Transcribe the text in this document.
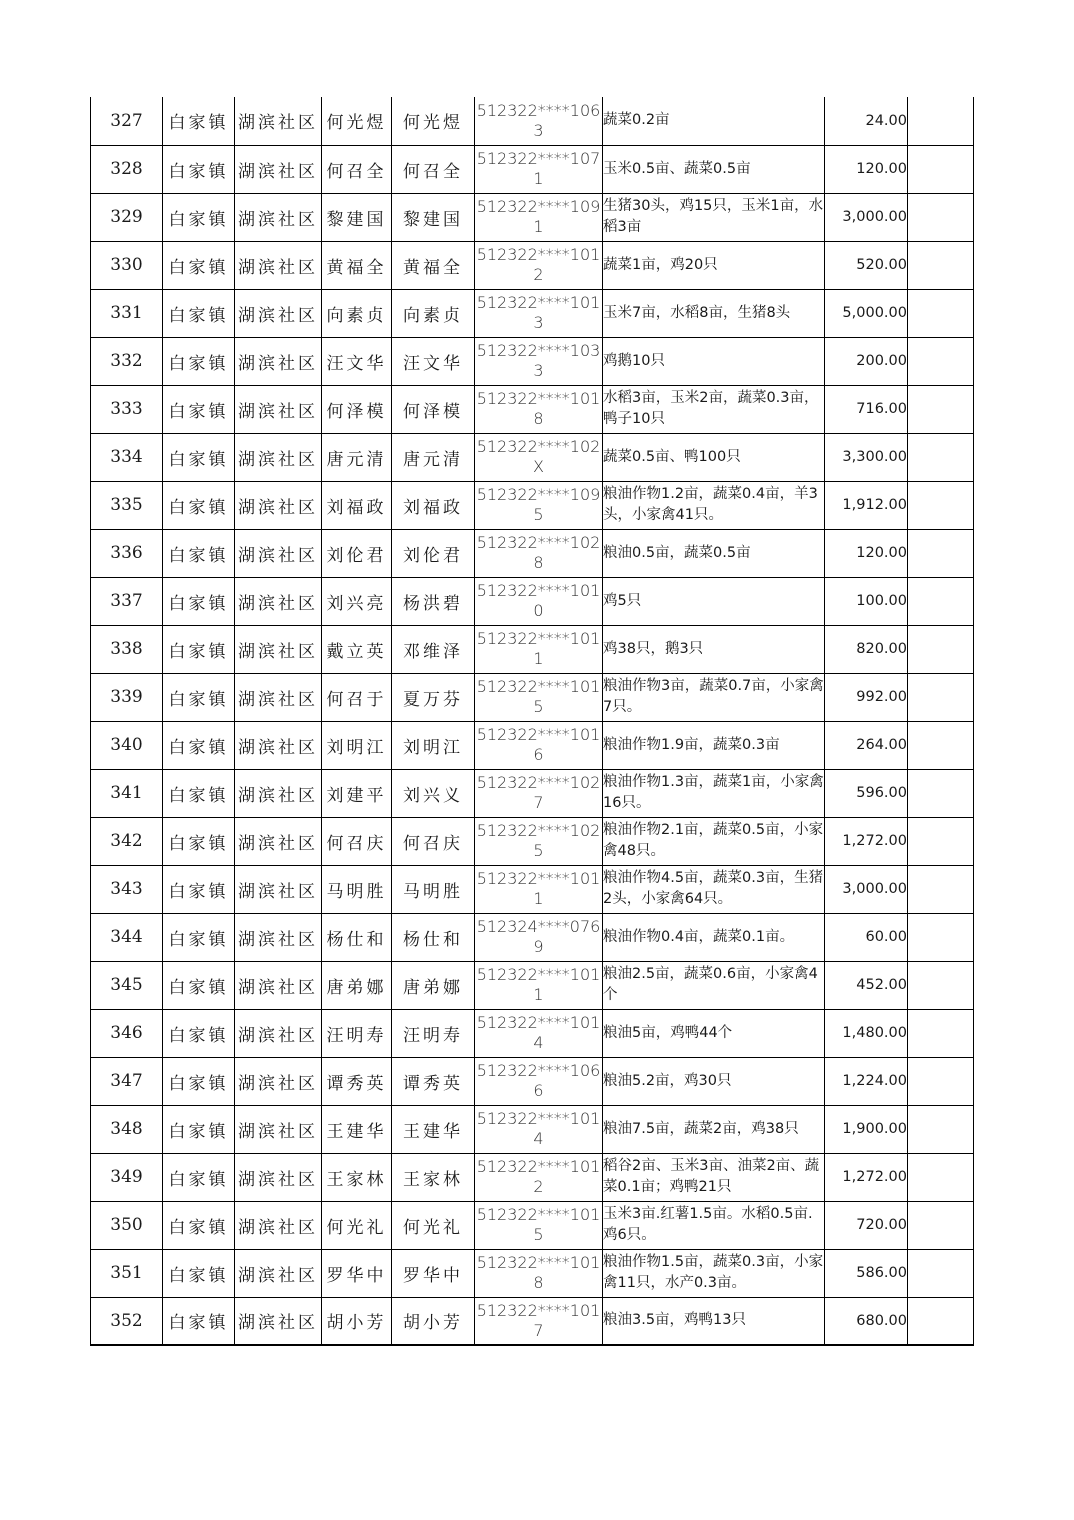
327	白家镇	湖滨社区	何光煜	何光煜	512322****1063	蔬菜0.2亩	24.00	
328	白家镇	湖滨社区	何召全	何召全	512322****1071	玉米0.5亩、蔬菜0.5亩	120.00	
329	白家镇	湖滨社区	黎建国	黎建国	512322****1091	生猪30头，鸡15只，玉米1亩，水稻3亩	3,000.00	
330	白家镇	湖滨社区	黄福全	黄福全	512322****1012	蔬菜1亩，鸡20只	520.00	
331	白家镇	湖滨社区	向素贞	向素贞	512322****1013	玉米7亩，水稻8亩，生猪8头	5,000.00	
332	白家镇	湖滨社区	汪文华	汪文华	512322****1033	鸡鹅10只	200.00	
333	白家镇	湖滨社区	何泽模	何泽模	512322****1018	水稻3亩，玉米2亩，蔬菜0.3亩，鸭子10只	716.00	
334	白家镇	湖滨社区	唐元清	唐元清	512322****102X	蔬菜0.5亩、鸭100只	3,300.00	
335	白家镇	湖滨社区	刘福政	刘福政	512322****1095	粮油作物1.2亩，蔬菜0.4亩，羊3头，小家禽41只。	1,912.00	
336	白家镇	湖滨社区	刘伦君	刘伦君	512322****1028	粮油0.5亩，蔬菜0.5亩	120.00	
337	白家镇	湖滨社区	刘兴亮	杨洪碧	512322****1010	鸡5只	100.00	
338	白家镇	湖滨社区	戴立英	邓维泽	512322****1011	鸡38只，鹅3只	820.00	
339	白家镇	湖滨社区	何召于	夏万芬	512322****1015	粮油作物3亩，蔬菜0.7亩，小家禽7只。	992.00	
340	白家镇	湖滨社区	刘明江	刘明江	512322****1016	粮油作物1.9亩，蔬菜0.3亩	264.00	
341	白家镇	湖滨社区	刘建平	刘兴义	512322****1027	粮油作物1.3亩，蔬菜1亩，小家禽16只。	596.00	
342	白家镇	湖滨社区	何召庆	何召庆	512322****1025	粮油作物2.1亩，蔬菜0.5亩，小家禽48只。	1,272.00	
343	白家镇	湖滨社区	马明胜	马明胜	512322****1011	粮油作物4.5亩，蔬菜0.3亩，生猪2头，小家禽64只。	3,000.00	
344	白家镇	湖滨社区	杨仕和	杨仕和	512324****0769	粮油作物0.4亩，蔬菜0.1亩。	60.00	
345	白家镇	湖滨社区	唐弟娜	唐弟娜	512322****1011	粮油2.5亩，蔬菜0.6亩，小家禽4个	452.00	
346	白家镇	湖滨社区	汪明寿	汪明寿	512322****1014	粮油5亩，鸡鸭44个	1,480.00	
347	白家镇	湖滨社区	谭秀英	谭秀英	512322****1066	粮油5.2亩，鸡30只	1,224.00	
348	白家镇	湖滨社区	王建华	王建华	512322****1014	粮油7.5亩，蔬菜2亩，鸡38只	1,900.00	
349	白家镇	湖滨社区	王家林	王家林	512322****1012	稻谷2亩、玉米3亩、油菜2亩、蔬菜0.1亩；鸡鸭21只	1,272.00	
350	白家镇	湖滨社区	何光礼	何光礼	512322****1015	玉米3亩.红薯1.5亩。水稻0.5亩.鸡6只。	720.00	
351	白家镇	湖滨社区	罗华中	罗华中	512322****1018	粮油作物1.5亩，蔬菜0.3亩，小家禽11只，水产0.3亩。	586.00	
352	白家镇	湖滨社区	胡小芳	胡小芳	512322****1017	粮油3.5亩，鸡鸭13只	680.00	
